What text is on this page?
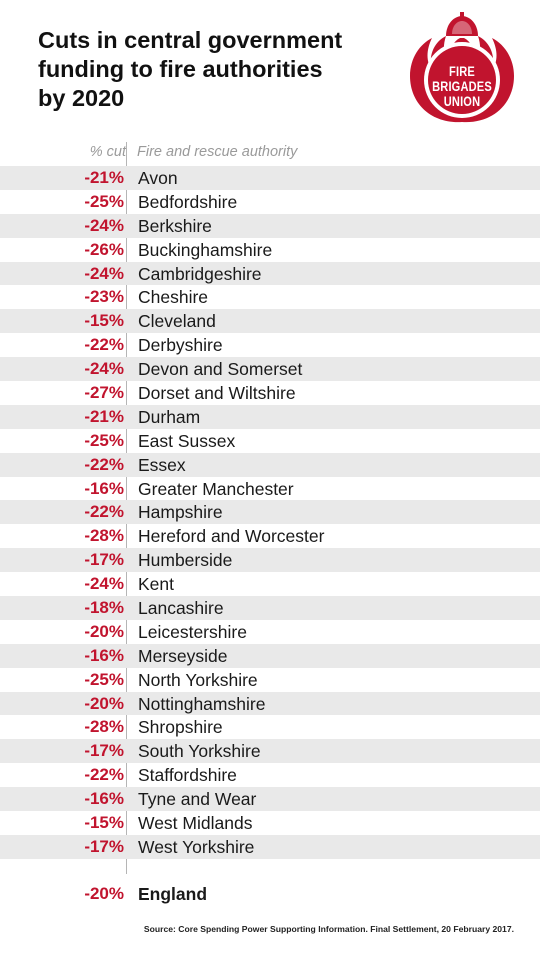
Cuts in central government
funding to fire authorities
by 2020
FIRE
BRIGADES
UNION
% cut Fire and rescue authority
-21% Avon
-25% Bedfordshire
-24% Berkshire
-26% Buckinghamshire
-24% Cambridgeshire
-23% Cheshire
-15% Cleveland
-22% Derbyshire
-24% Devon and Somerset
-27% Dorset and Wiltshire
-21% Durham
-25% East Sussex
-22% Essex
-16% Greater Manchester
-22% Hampshire
-28% Hereford and Worcester
-17% Humberside
-24% Kent
-18% Lancashire
-20% Leicestershire
-16% Merseyside
-25% North Yorkshire
-20% Nottinghamshire
-28% Shropshire
-17% South Yorkshire
-22% Staffordshire
-16% Tyne and Wear
-15% West Midlands
-17% West Yorkshire
-20% England
Source: Core Spending Power Supporting Information. Final Settlement, 20 February 2017.
